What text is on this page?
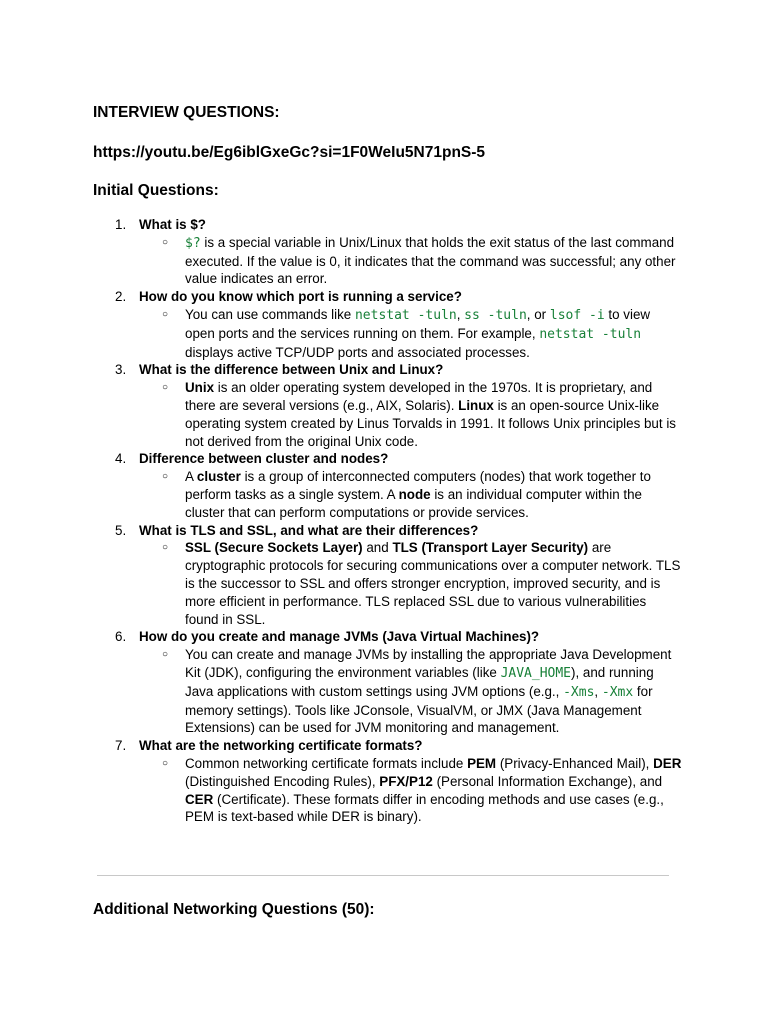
INTERVIEW QUESTIONS:

https://youtu.be/Eg6iblGxeGc?si=1F0WeIu5N71pnS-5

Initial Questions:

1. What is $?
○ $? is a special variable in Unix/Linux that holds the exit status of the last command executed. If the value is 0, it indicates that the command was successful; any other value indicates an error.
2. How do you know which port is running a service?
○ You can use commands like netstat -tuln, ss -tuln, or lsof -i to view open ports and the services running on them. For example, netstat -tuln displays active TCP/UDP ports and associated processes.
3. What is the difference between Unix and Linux?
○ Unix is an older operating system developed in the 1970s. It is proprietary, and there are several versions (e.g., AIX, Solaris). Linux is an open-source Unix-like operating system created by Linus Torvalds in 1991. It follows Unix principles but is not derived from the original Unix code.
4. Difference between cluster and nodes?
○ A cluster is a group of interconnected computers (nodes) that work together to perform tasks as a single system. A node is an individual computer within the cluster that can perform computations or provide services.
5. What is TLS and SSL, and what are their differences?
○ SSL (Secure Sockets Layer) and TLS (Transport Layer Security) are cryptographic protocols for securing communications over a computer network. TLS is the successor to SSL and offers stronger encryption, improved security, and is more efficient in performance. TLS replaced SSL due to various vulnerabilities found in SSL.
6. How do you create and manage JVMs (Java Virtual Machines)?
○ You can create and manage JVMs by installing the appropriate Java Development Kit (JDK), configuring the environment variables (like JAVA_HOME), and running Java applications with custom settings using JVM options (e.g., -Xms, -Xmx for memory settings). Tools like JConsole, VisualVM, or JMX (Java Management Extensions) can be used for JVM monitoring and management.
7. What are the networking certificate formats?
○ Common networking certificate formats include PEM (Privacy-Enhanced Mail), DER (Distinguished Encoding Rules), PFX/P12 (Personal Information Exchange), and CER (Certificate). These formats differ in encoding methods and use cases (e.g., PEM is text-based while DER is binary).

Additional Networking Questions (50):
